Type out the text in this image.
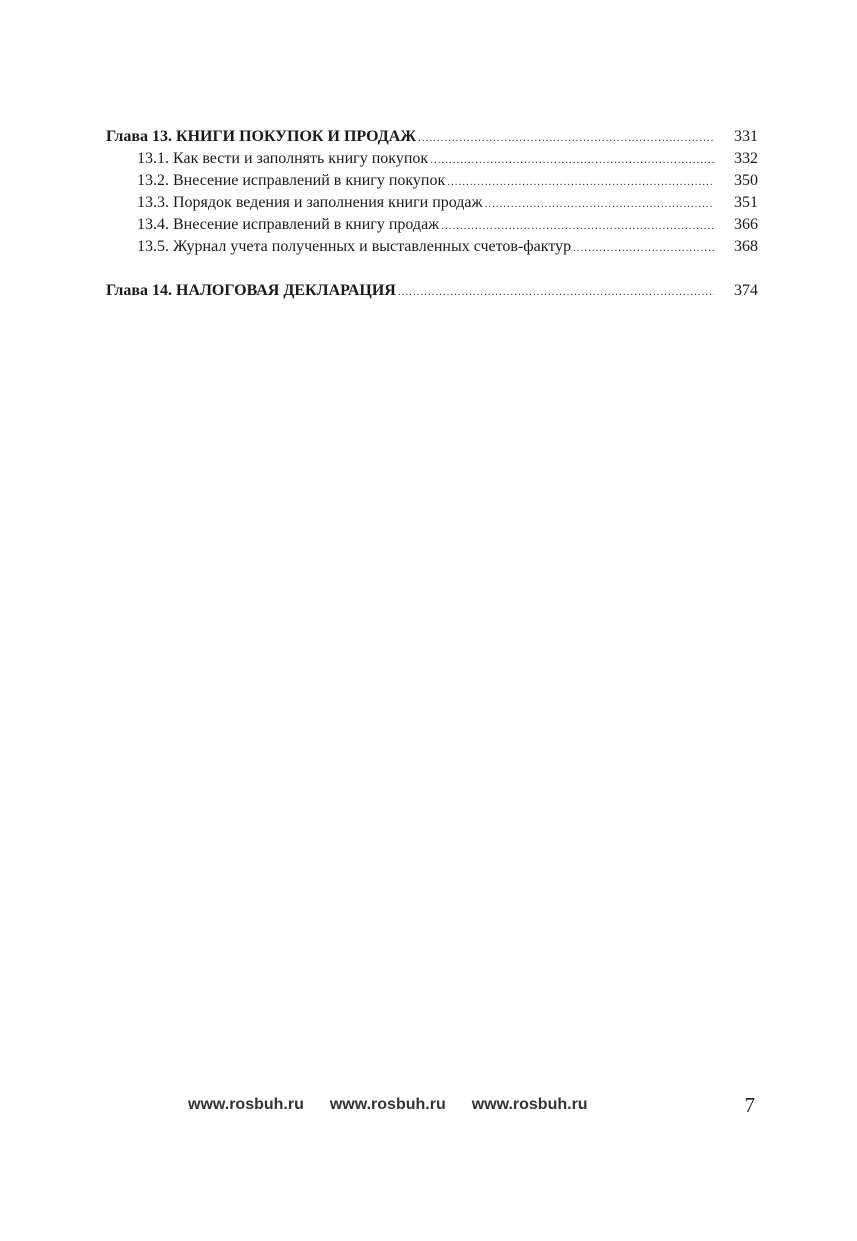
Глава 13. КНИГИ ПОКУПОК И ПРОДАЖ .....	331
13.1. Как вести и заполнять книгу покупок .....	332
13.2. Внесение исправлений в книгу покупок .....	350
13.3. Порядок ведения и заполнения книги продаж .....	351
13.4. Внесение исправлений в книгу продаж .....	366
13.5. Журнал учета полученных и выставленных счетов-фактур .....	368
Глава 14. НАЛОГОВАЯ ДЕКЛАРАЦИЯ .....	374
www.rosbuh.ru www.rosbuh.ru www.rosbuh.ru	7
